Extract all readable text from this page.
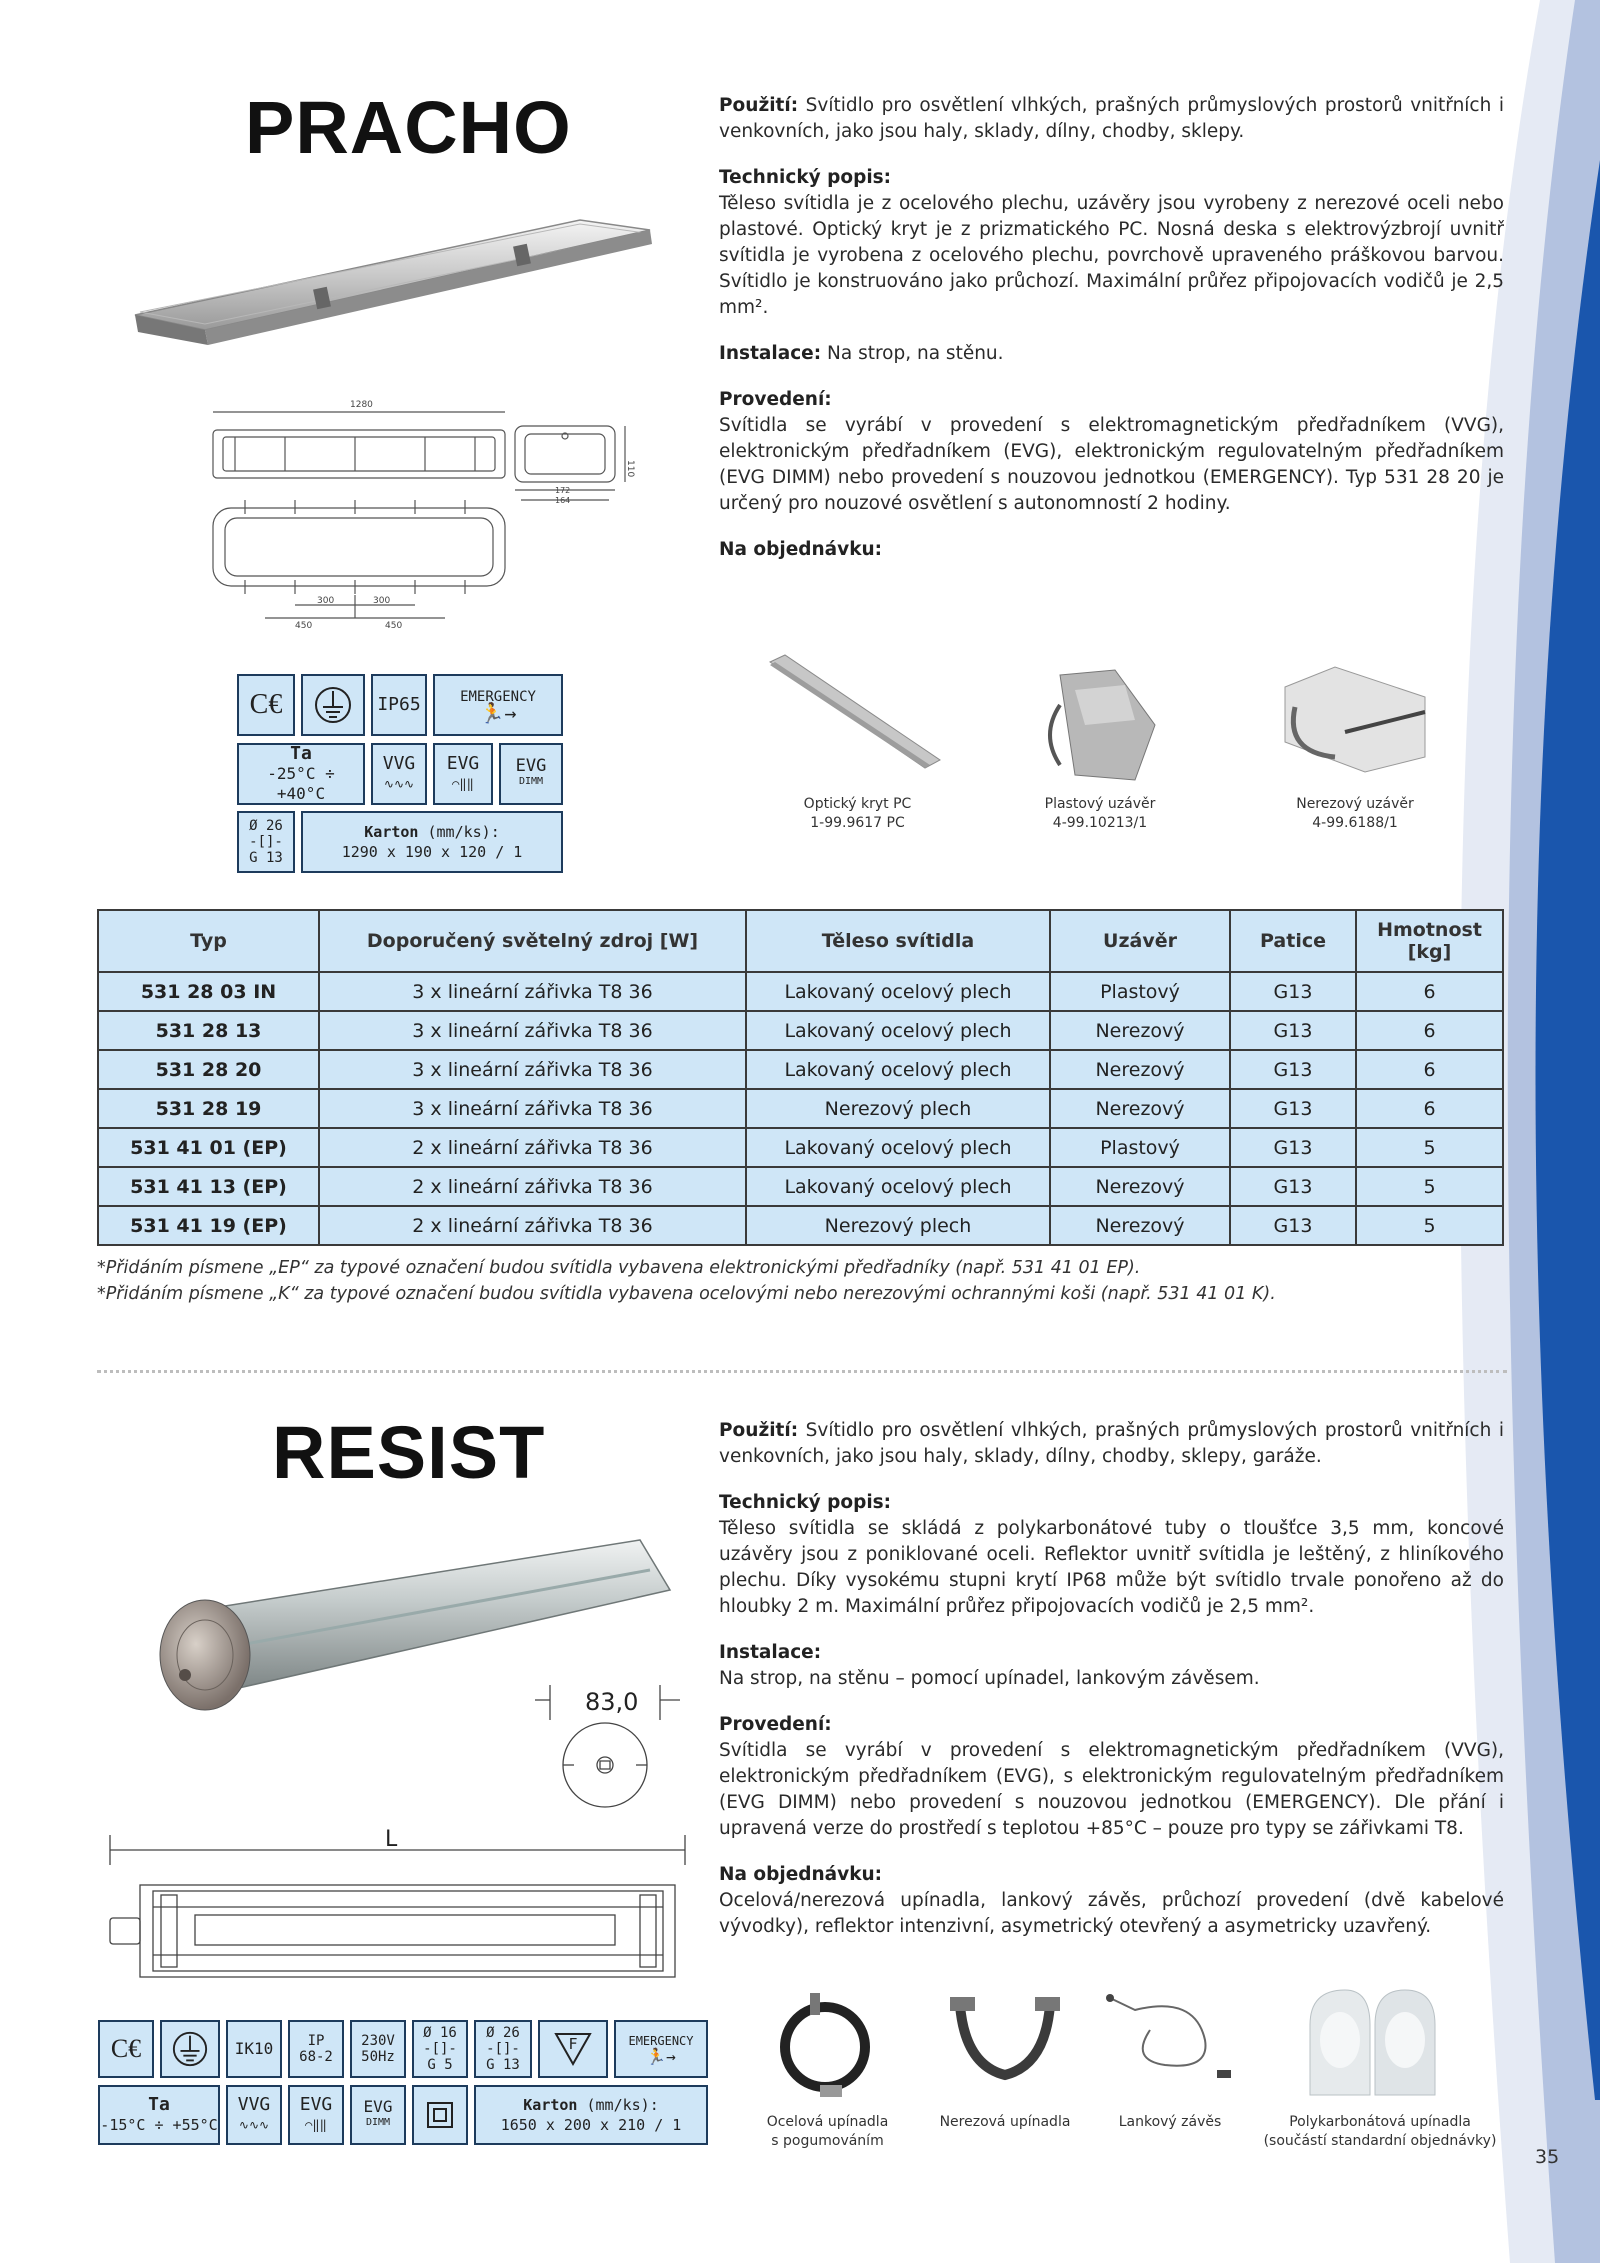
PRACHO
1280
110
172
164
300	300
450	450

Použití: Svítidlo pro osvětlení vlhkých, prašných průmyslových prostorů vnitřních i venkovních, jako jsou haly, sklady, dílny, chodby, sklepy.

Technický popis:
Těleso svítidla je z ocelového plechu, uzávěry jsou vyrobeny z nerezové oceli nebo plastové. Optický kryt je z prizmatického PC. Nosná deska s elektrovýzbrojí uvnitř svítidla je vyrobena z ocelového plechu, povrchově upraveného práškovou barvou. Svítidlo je konstruováno jako průchozí. Maximální průřez připojovacích vodičů je 2,5 mm².

Instalace: Na strop, na stěnu.

Provedení:
Svítidla se vyrábí v provedení s elektromagnetickým předřadníkem (VVG), elektronickým předřadníkem (EVG), elektronickým regulovatelným předřadníkem (EVG DIMM) nebo provedení s nouzovou jednotkou (EMERGENCY). Typ 531 28 20 je určený pro nouzové osvětlení s autonomností 2 hodiny.

Na objednávku:

C€	IP65	EMERGENCY
🏃→
Ta
-25°C ÷ +40°C
VVG
∿∿∿
EVG
◠‖‖
EVG
DIMM
Ø 26
-[]-
G 13
Karton (mm/ks):
1290 x 190 x 120 / 1
Optický kryt PC
1-99.9617 PC
Plastový uzávěr
4-99.10213/1
Nerezový uzávěr
4-99.6188/1
Typ	Doporučený světelný zdroj [W]	Těleso svítidla	Uzávěr	Patice	Hmotnost [kg]
531 28 03 IN	3 x lineární zářivka T8 36	Lakovaný ocelový plech	Plastový	G13	6
531 28 13	3 x lineární zářivka T8 36	Lakovaný ocelový plech	Nerezový	G13	6
531 28 20	3 x lineární zářivka T8 36	Lakovaný ocelový plech	Nerezový	G13	6
531 28 19	3 x lineární zářivka T8 36	Nerezový plech	Nerezový	G13	6
531 41 01 (EP)	2 x lineární zářivka T8 36	Lakovaný ocelový plech	Plastový	G13	5
531 41 13 (EP)	2 x lineární zářivka T8 36	Lakovaný ocelový plech	Nerezový	G13	5
531 41 19 (EP)	2 x lineární zářivka T8 36	Nerezový plech	Nerezový	G13	5
*Přidáním písmene „EP“ za typové označení budou svítidla vybavena elektronickými předřadníky (např. 531 41 01 EP).
*Přidáním písmene „K“ za typové označení budou svítidla vybavena ocelovými nebo nerezovými ochrannými koši (např. 531 41 01 K).
RESIST
83,0
L

Použití: Svítidlo pro osvětlení vlhkých, prašných průmyslových prostorů vnitřních i venkovních, jako jsou haly, sklady, dílny, chodby, sklepy, garáže.

Technický popis:
Těleso svítidla se skládá z polykarbonátové tuby o tloušťce 3,5 mm, koncové uzávěry jsou z poniklované oceli. Reflektor uvnitř svítidla je leštěný, z hliníkového plechu. Díky vysokému stupni krytí IP68 může být svítidlo trvale ponořeno až do hloubky 2 m. Maximální průřez připojovacích vodičů je 2,5 mm².

Instalace:
Na strop, na stěnu – pomocí upínadel, lankovým závěsem.

Provedení:
Svítidla se vyrábí v provedení s elektromagnetickým předřadníkem (VVG), elektronickým předřadníkem (EVG), s elektronickým regulovatelným předřadníkem (EVG DIMM) nebo provedení s nouzovou jednotkou (EMERGENCY). Dle přání i upravená verze do prostředí s teplotou +85°C – pouze pro typy se zářivkami T8.

Na objednávku:
Ocelová/nerezová upínadla, lankový závěs, průchozí provedení (dvě kabelové vývodky), reflektor intenzivní, asymetrický otevřený a asymetricky uzavřený.

C€	IK10	IP
68-2
230V
50Hz
Ø 16
-[]-
G 5
Ø 26
-[]-
G 13
F	EMERGENCY
🏃→
Ta
-15°C ÷ +55°C
VVG
∿∿∿
EVG
◠‖‖
EVG
DIMM
Karton (mm/ks):
1650 x 200 x 210 / 1	Ocelová upínadla
s pogumováním
Nerezová upínadla	Lankový závěs	Polykarbonátová upínadla
(součástí standardní objednávky)
35
